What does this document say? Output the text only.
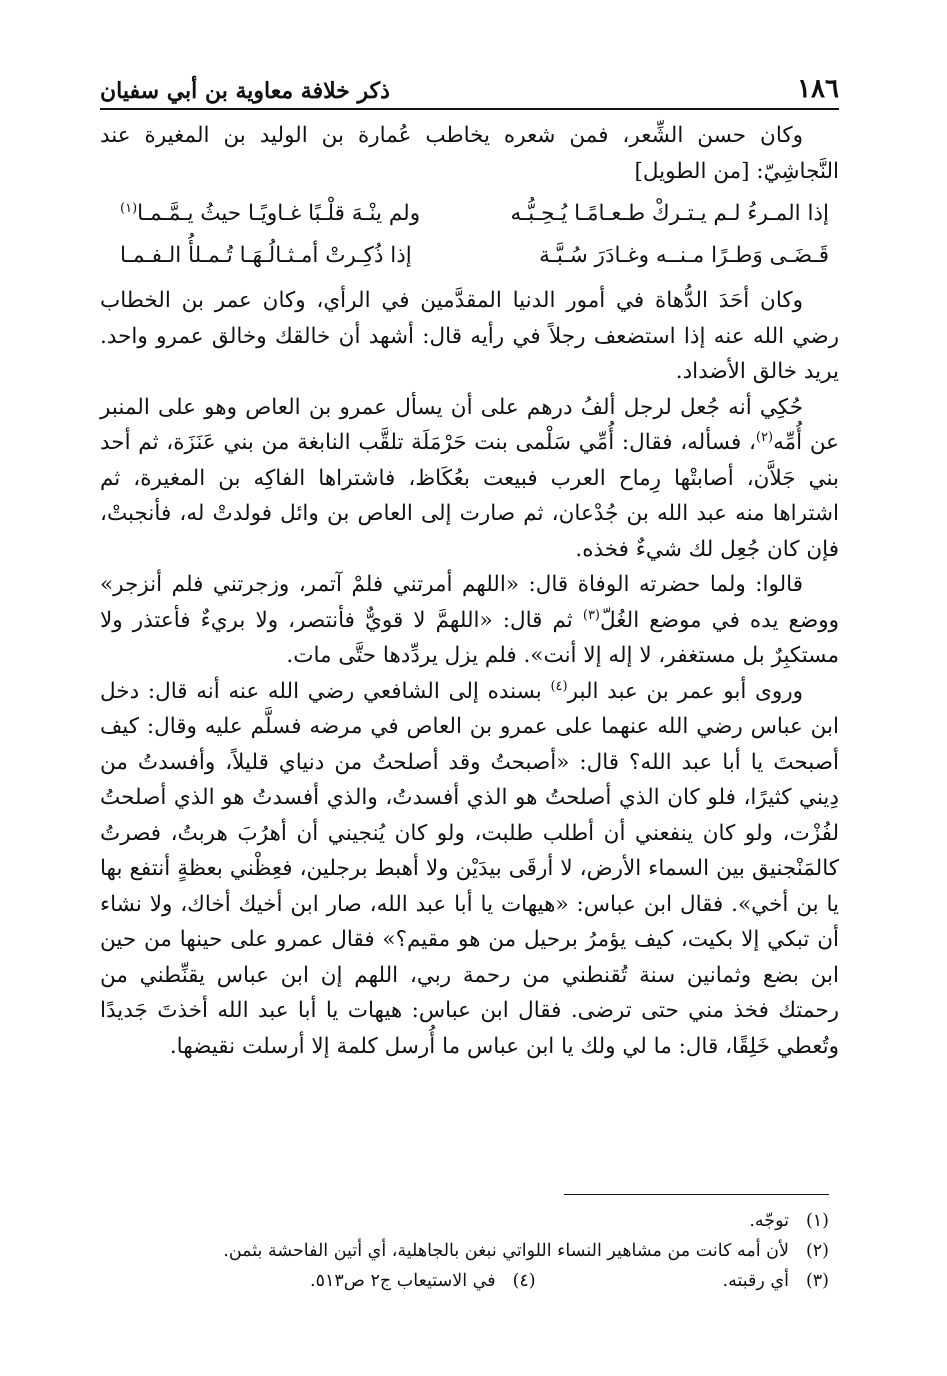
١٨٦
ذكر خلافة معاوية بن أبي سفيان

وكان حسن الشِّعر، فمن شعره يخاطب عُمارة بن الوليد بن المغيرة عند النَّجاشِيّ: [من الطويل]

إذا المـرءُ لـم يـتـركْ طـعـامًـا يُـحِـبُّـه
ولم ينْـهَ قلْـبًا غـاويًـا حيثُ يـمَّـمـا$^{(١)}$
قَـضَـى وَطـرًا مـنــه وغـادَرَ سُـبَّـة
إذا ذُكِـرتْ أمـثـالُـهَـا تُـمـلأُ الـفـمـا

وكان أحَدَ الدُّهاة في أمور الدنيا المقدَّمين في الرأي، وكان عمر بن الخطاب رضي الله عنه إذا استضعف رجلاً في رأيه قال: أشهد أن خالقك وخالق عمرو واحد. يريد خالق الأضداد.

حُكِي أنه جُعل لرجل ألفُ درهم على أن يسأل عمرو بن العاص وهو على المنبر عن أُمِّه$^{(٢)}$، فسأله، فقال: أُمِّي سَلْمى بنت حَرْمَلَة تلقَّب النابغة من بني عَنَزَة، ثم أحد بني جَلاَّن، أصابتْها رِماح العرب فبيعت بعُكَاظ، فاشتراها الفاكِه بن المغيرة، ثم اشتراها منه عبد الله بن جُدْعان، ثم صارت إلى العاص بن وائل فولدتْ له، فأنجبتْ، فإن كان جُعِل لك شيءٌ فخذه.

قالوا: ولما حضرته الوفاة قال: «اللهم أمرتني فلمْ آتمر، وزجرتني فلم أنزجر» ووضع يده في موضع الغُلّ$^{(٣)}$ ثم قال: «اللهمَّ لا قويٌّ فأنتصر، ولا بريءٌ فأعتذر ولا مستكبِرٌ بل مستغفر، لا إله إلا أنت». فلم يزل يردِّدها حتَّى مات.

وروى أبو عمر بن عبد البر$^{(٤)}$ بسنده إلى الشافعي رضي الله عنه أنه قال: دخل ابن عباس رضي الله عنهما على عمرو بن العاص في مرضه فسلَّم عليه وقال: كيف أصبحتَ يا أبا عبد الله؟ قال: «أصبحتُ وقد أصلحتُ من دنياي قليلاً، وأفسدتُ من دِيني كثيرًا، فلو كان الذي أصلحتُ هو الذي أفسدتُ، والذي أفسدتُ هو الذي أصلحتُ لفُزْت، ولو كان ينفعني أن أطلب طلبت، ولو كان يُنجيني أن أهرُبَ هربتُ، فصرتُ كالمَنْجنيق بين السماء الأرض، لا أرقَى بيدَيْن ولا أهبط برجلين، فعِظْني بعظةٍ أنتفع بها يا بن أخي». فقال ابن عباس: «هيهات يا أبا عبد الله، صار ابن أخيك أخاك، ولا نشاء أن تبكي إلا بكيت، كيف يؤمرُ برحيل من هو مقيم؟» فقال عمرو على حينها من حين ابن بضع وثمانين سنة تُقنطني من رحمة ربي، اللهم إن ابن عباس يقنِّطني من رحمتك فخذ مني حتى ترضى. فقال ابن عباس: هيهات يا أبا عبد الله أخذتَ جَديدًا وتُعطي خَلِقًا، قال: ما لي ولك يا ابن عباس ما أُرسل كلمة إلا أرسلت نقيضها.

(١)
توجّه.
(٢)
لأن أمه كانت من مشاهير النساء اللواتي نبغن بالجاهلية، أي أتين الفاحشة بثمن.
(٣)
أي رقبته.
(٤)
في الاستيعاب ج٢ ص٥١٣.
